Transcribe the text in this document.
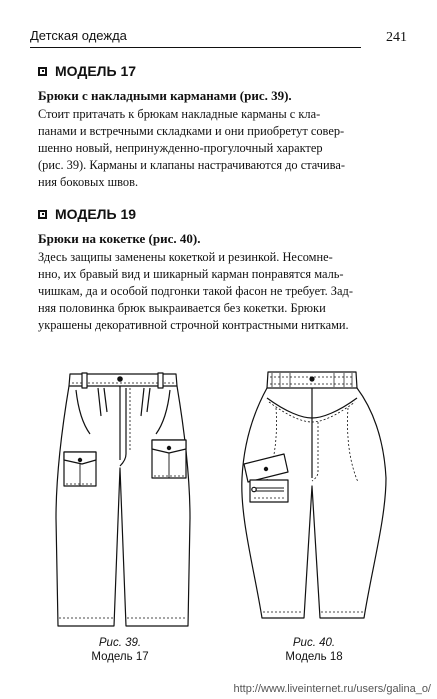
Детская одежда	241
МОДЕЛЬ 17
Брюки с накладными карманами (рис. 39).

Стоит притачать к брюкам накладные карманы с кла-
панами и встречными складками и они приобретут совер-
шенно новый, непринужденно-прогулочный характер
(рис. 39). Карманы и клапаны настрачиваются до стачива-
ния боковых швов.

МОДЕЛЬ 19
Брюки на кокетке (рис. 40).

Здесь защипы заменены кокеткой и резинкой. Несомне-
нно, их бравый вид и шикарный карман понравятся маль-
чишкам, да и особой подгонки такой фасон не требует. Зад-
няя половинка брюк выкраивается без кокетки. Брюки
украшены декоративной строчной контрастными нитками.

Рис. 39.
Модель 17
Рис. 40.
Модель 18
http://www.liveinternet.ru/users/galina_o/
